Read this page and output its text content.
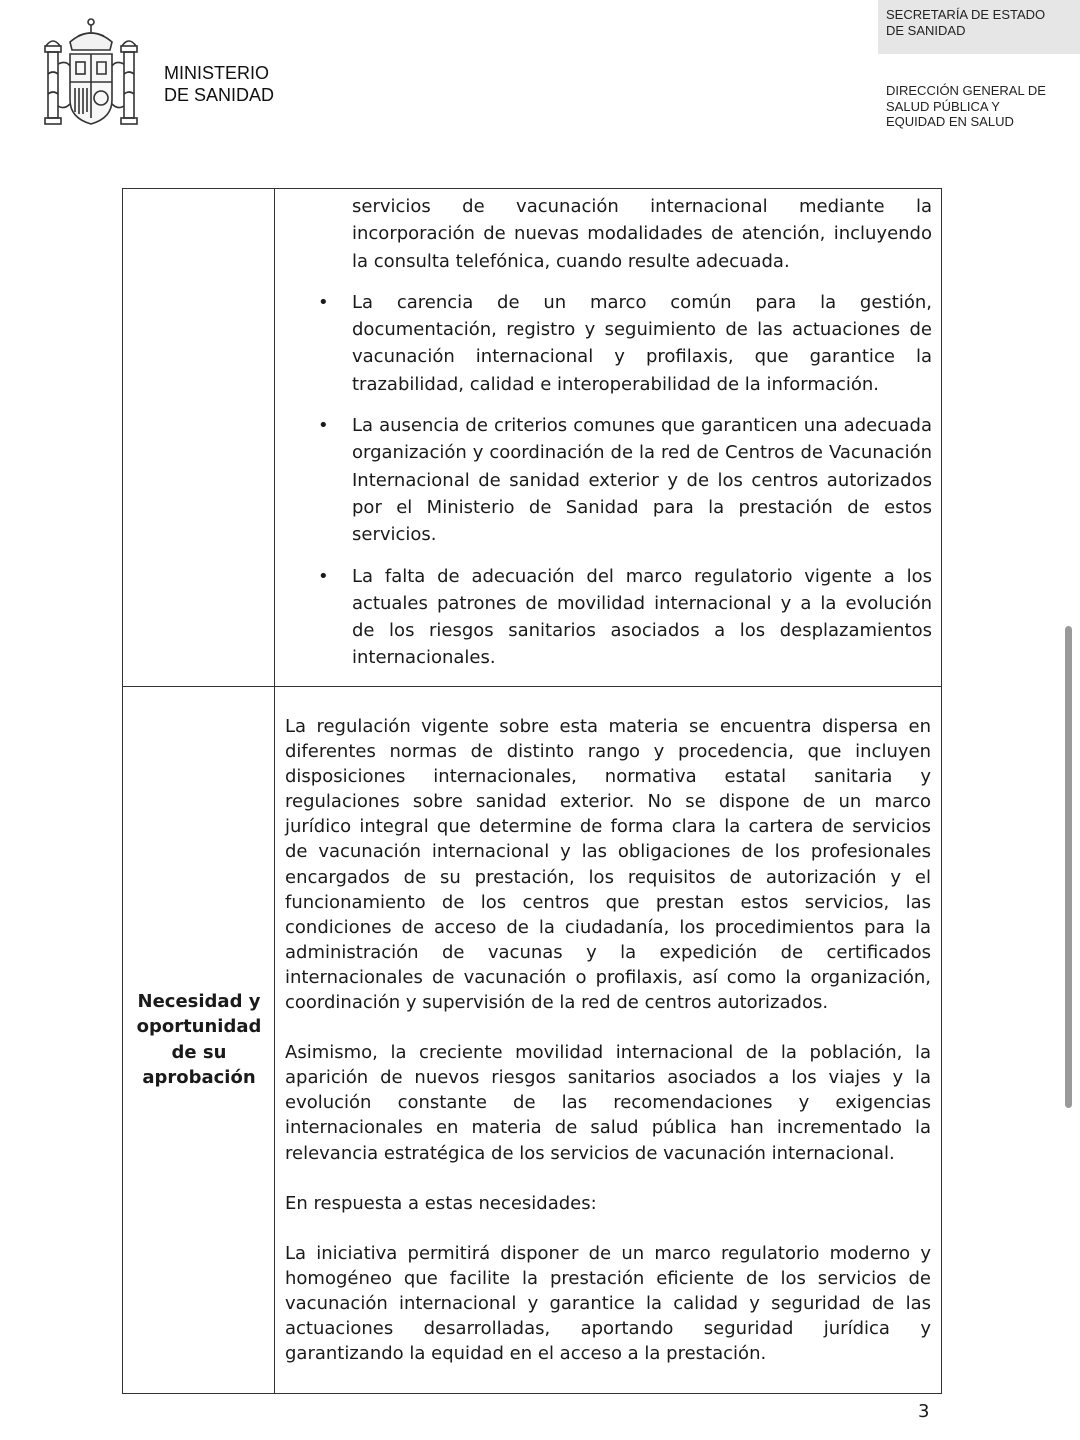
MINISTERIO
DE SANIDAD
SECRETARÍA DE ESTADO
DE SANIDAD
DIRECCIÓN GENERAL DE
SALUD PÚBLICA Y
EQUIDAD EN SALUD
servicios de vacunación internacional mediante la incorporación de nuevas modalidades de atención, incluyendo la consulta telefónica, cuando resulte adecuada.
• La carencia de un marco común para la gestión, documentación, registro y seguimiento de las actuaciones de vacunación internacional y profilaxis, que garantice la trazabilidad, calidad e interoperabilidad de la información.
• La ausencia de criterios comunes que garanticen una adecuada organización y coordinación de la red de Centros de Vacunación Internacional de sanidad exterior y de los centros autorizados por el Ministerio de Sanidad para la prestación de estos servicios.
• La falta de adecuación del marco regulatorio vigente a los actuales patrones de movilidad internacional y a la evolución de los riesgos sanitarios asociados a los desplazamientos internacionales.
Necesidad y
oportunidad
de su
aprobación

La regulación vigente sobre esta materia se encuentra dispersa en diferentes normas de distinto rango y procedencia, que incluyen disposiciones internacionales, normativa estatal sanitaria y regulaciones sobre sanidad exterior. No se dispone de un marco jurídico integral que determine de forma clara la cartera de servicios de vacunación internacional y las obligaciones de los profesionales encargados de su prestación, los requisitos de autorización y el funcionamiento de los centros que prestan estos servicios, las condiciones de acceso de la ciudadanía, los procedimientos para la administración de vacunas y la expedición de certificados internacionales de vacunación o profilaxis, así como la organización, coordinación y supervisión de la red de centros autorizados.

Asimismo, la creciente movilidad internacional de la población, la aparición de nuevos riesgos sanitarios asociados a los viajes y la evolución constante de las recomendaciones y exigencias internacionales en materia de salud pública han incrementado la relevancia estratégica de los servicios de vacunación internacional.

En respuesta a estas necesidades:

La iniciativa permitirá disponer de un marco regulatorio moderno y homogéneo que facilite la prestación eficiente de los servicios de vacunación internacional y garantice la calidad y seguridad de las actuaciones desarrolladas, aportando seguridad jurídica y garantizando la equidad en el acceso a la prestación.

3
